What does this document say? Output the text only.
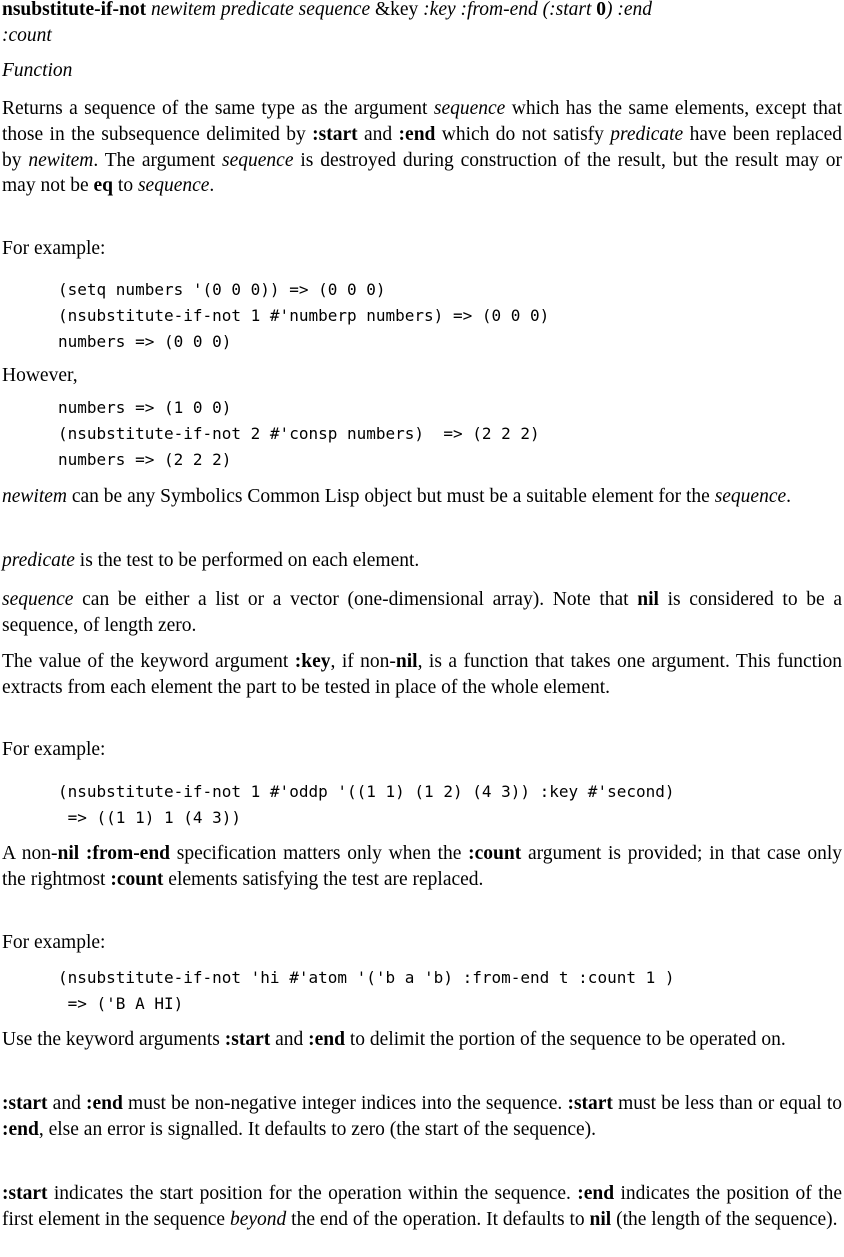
nsubstitute-if-not newitem predicate sequence &key :key :from-end (:start 0) :end
:count

Function

Returns a sequence of the same type as the argument sequence which has the same elements, except that those in the subsequence delimited by :start and :end which do not satisfy predicate have been replaced by newitem. The argument sequence is destroyed during construction of the result, but the result may or may not be eq to sequence.

For example:

(setq numbers '(0 0 0)) => (0 0 0)
(nsubstitute-if-not 1 #'numberp numbers) => (0 0 0)
numbers => (0 0 0)

However,

numbers => (1 0 0)
(nsubstitute-if-not 2 #'consp numbers)  => (2 2 2)
numbers => (2 2 2)

newitem can be any Symbolics Common Lisp object but must be a suitable element for the sequence.

predicate is the test to be performed on each element.

sequence can be either a list or a vector (one-dimensional array). Note that nil is considered to be a sequence, of length zero.

The value of the keyword argument :key, if non-nil, is a function that takes one argument. This function extracts from each element the part to be tested in place of the whole element.

For example:

(nsubstitute-if-not 1 #'oddp '((1 1) (1 2) (4 3)) :key #'second)
=> ((1 1) 1 (4 3))

A non-nil :from-end specification matters only when the :count argument is provided; in that case only the rightmost :count elements satisfying the test are replaced.

For example:

(nsubstitute-if-not 'hi #'atom '('b a 'b) :from-end t :count 1 )
=> ('B A HI)

Use the keyword arguments :start and :end to delimit the portion of the sequence to be operated on.

:start and :end must be non-negative integer indices into the sequence. :start must be less than or equal to :end, else an error is signalled. It defaults to zero (the start of the sequence).

:start indicates the start position for the operation within the sequence. :end indicates the position of the first element in the sequence beyond the end of the operation. It defaults to nil (the length of the sequence).
